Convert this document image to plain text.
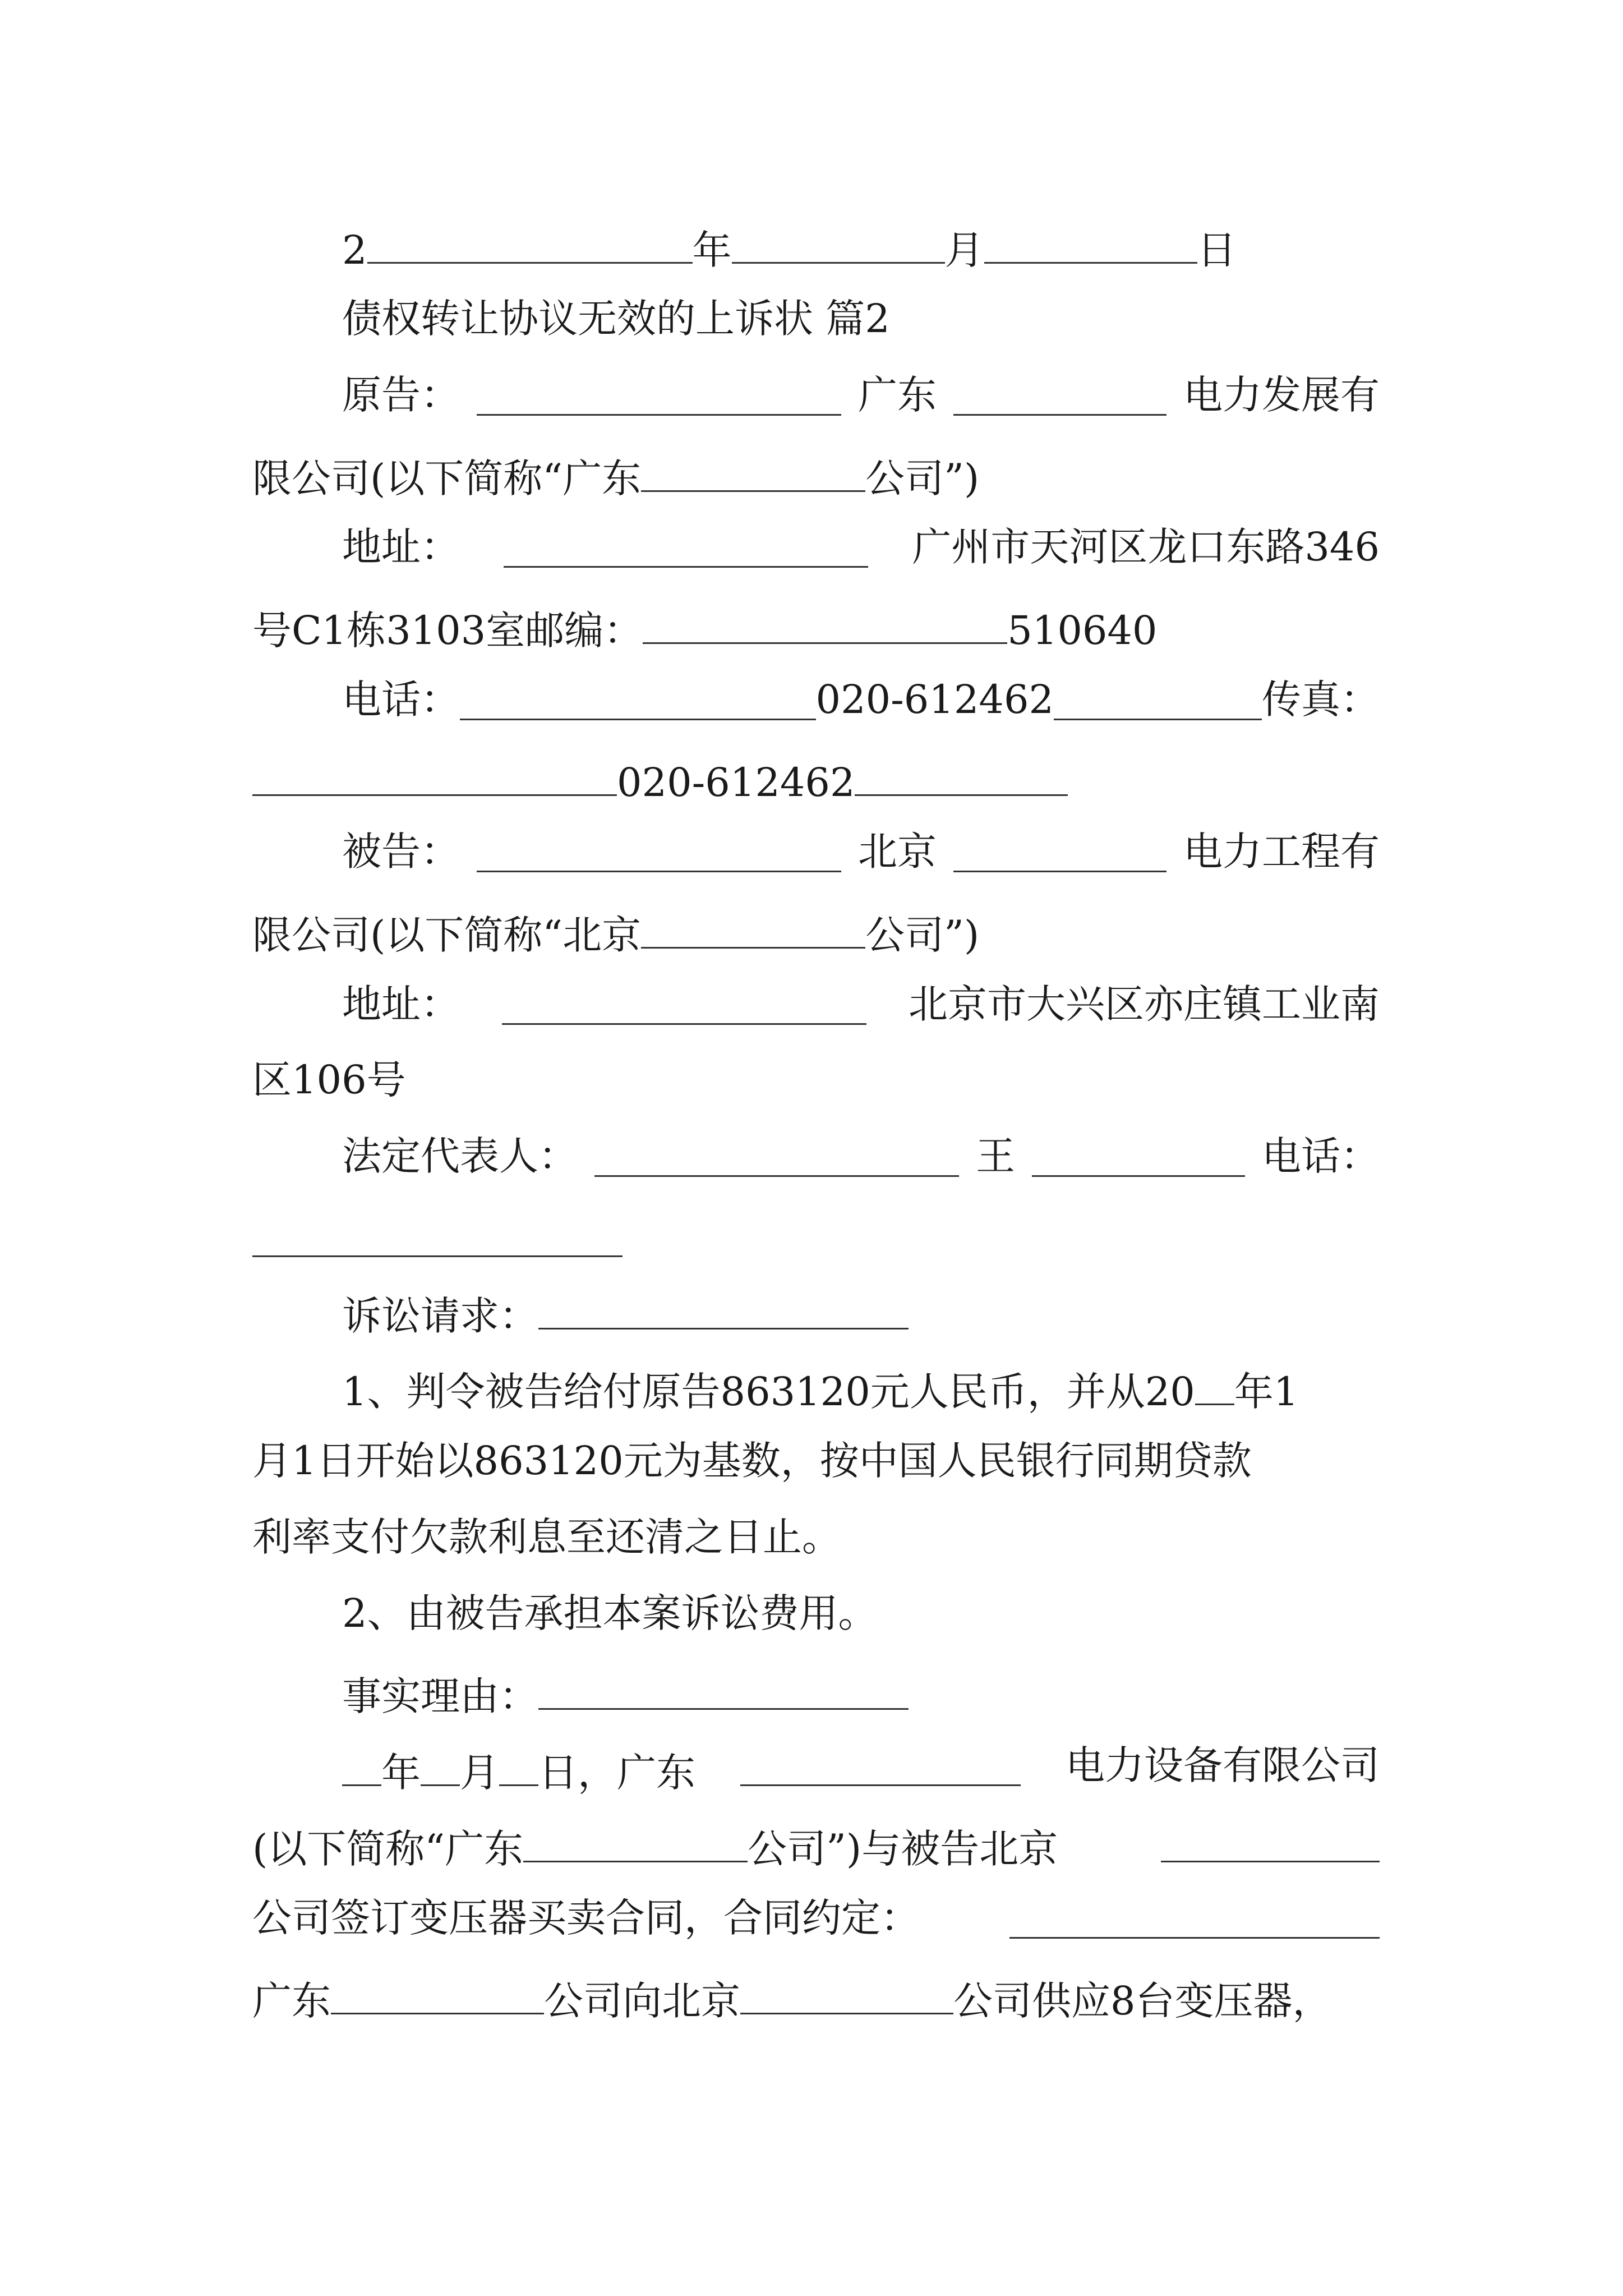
2	年	月	日
债权转让协议无效的上诉状 篇2
原告：	广东	电力发展有
限公司(以下简称“广东	公司”)
地址：	广州市天河区龙口东路346
号C1栋3103室邮编：	510640
电话：	020-612462	传真：
020-612462
被告：	北京	电力工程有
限公司(以下简称“北京	公司”)
地址：	北京市大兴区亦庄镇工业南
区106号
法定代表人：	王	电话：
诉讼请求：
1、判令被告给付原告863120元人民币，并从20 年1
月1日开始以863120元为基数，按中国人民银行同期贷款
利率支付欠款利息至还清之日止。
2、由被告承担本案诉讼费用。
事实理由：
年 月 日，广东	电力设备有限公司
(以下简称“广东	公司”)与被告北京
公司签订变压器买卖合同，合同约定：
广东	公司向北京	公司供应8台变压器，
